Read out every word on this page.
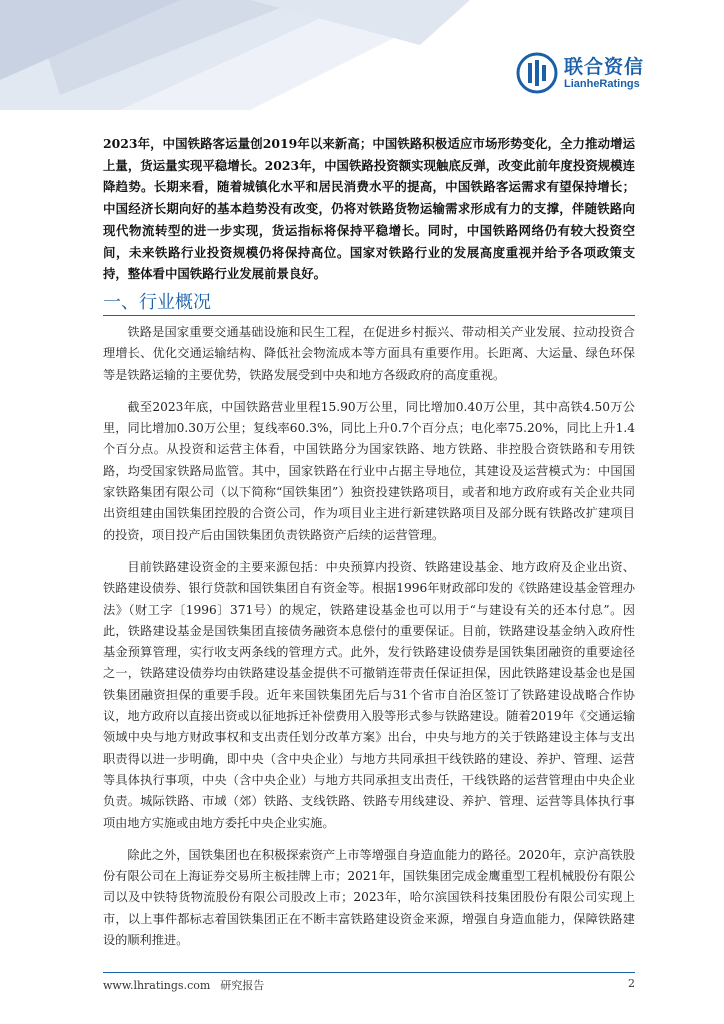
联合资信
LianheRatings

2023年，中国铁路客运量创2019年以来新高；中国铁路积极适应市场形势变化，全力推动增运上量，货运量实现平稳增长。2023年，中国铁路投资额实现触底反弹，改变此前年度投资规模连降趋势。长期来看，随着城镇化水平和居民消费水平的提高，中国铁路客运需求有望保持增长；中国经济长期向好的基本趋势没有改变，仍将对铁路货物运输需求形成有力的支撑，伴随铁路向现代物流转型的进一步实现，货运指标将保持平稳增长。同时，中国铁路网络仍有较大投资空间，未来铁路行业投资规模仍将保持高位。国家对铁路行业的发展高度重视并给予各项政策支持，整体看中国铁路行业发展前景良好。

一、行业概况

铁路是国家重要交通基础设施和民生工程，在促进乡村振兴、带动相关产业发展、拉动投资合理增长、优化交通运输结构、降低社会物流成本等方面具有重要作用。长距离、大运量、绿色环保等是铁路运输的主要优势，铁路发展受到中央和地方各级政府的高度重视。

截至2023年底，中国铁路营业里程15.90万公里，同比增加0.40万公里，其中高铁4.50万公里，同比增加0.30万公里；复线率60.3%，同比上升0.7个百分点；电化率75.20%，同比上升1.4个百分点。从投资和运营主体看，中国铁路分为国家铁路、地方铁路、非控股合资铁路和专用铁路，均受国家铁路局监管。其中，国家铁路在行业中占据主导地位，其建设及运营模式为：中国国家铁路集团有限公司（以下简称“国铁集团”）独资投建铁路项目，或者和地方政府或有关企业共同出资组建由国铁集团控股的合资公司，作为项目业主进行新建铁路项目及部分既有铁路改扩建项目的投资，项目投产后由国铁集团负责铁路资产后续的运营管理。

目前铁路建设资金的主要来源包括：中央预算内投资、铁路建设基金、地方政府及企业出资、铁路建设债券、银行贷款和国铁集团自有资金等。根据1996年财政部印发的《铁路建设基金管理办法》（财工字〔1996〕371号）的规定，铁路建设基金也可以用于“与建设有关的还本付息”。因此，铁路建设基金是国铁集团直接债务融资本息偿付的重要保证。目前，铁路建设基金纳入政府性基金预算管理，实行收支两条线的管理方式。此外，发行铁路建设债券是国铁集团融资的重要途径之一，铁路建设债券均由铁路建设基金提供不可撤销连带责任保证担保，因此铁路建设基金也是国铁集团融资担保的重要手段。近年来国铁集团先后与31个省市自治区签订了铁路建设战略合作协议，地方政府以直接出资或以征地拆迁补偿费用入股等形式参与铁路建设。随着2019年《交通运输领域中央与地方财政事权和支出责任划分改革方案》出台，中央与地方的关于铁路建设主体与支出职责得以进一步明确，即中央（含中央企业）与地方共同承担干线铁路的建设、养护、管理、运营等具体执行事项，中央（含中央企业）与地方共同承担支出责任，干线铁路的运营管理由中央企业负责。城际铁路、市域（郊）铁路、支线铁路、铁路专用线建设、养护、管理、运营等具体执行事项由地方实施或由地方委托中央企业实施。

除此之外，国铁集团也在积极探索资产上市等增强自身造血能力的路径。2020年，京沪高铁股份有限公司在上海证券交易所主板挂牌上市；2021年，国铁集团完成金鹰重型工程机械股份有限公司以及中铁特货物流股份有限公司股改上市；2023年，哈尔滨国铁科技集团股份有限公司实现上市，以上事件都标志着国铁集团正在不断丰富铁路建设资金来源，增强自身造血能力，保障铁路建设的顺利推进。

www.lhratings.com 研究报告	2
